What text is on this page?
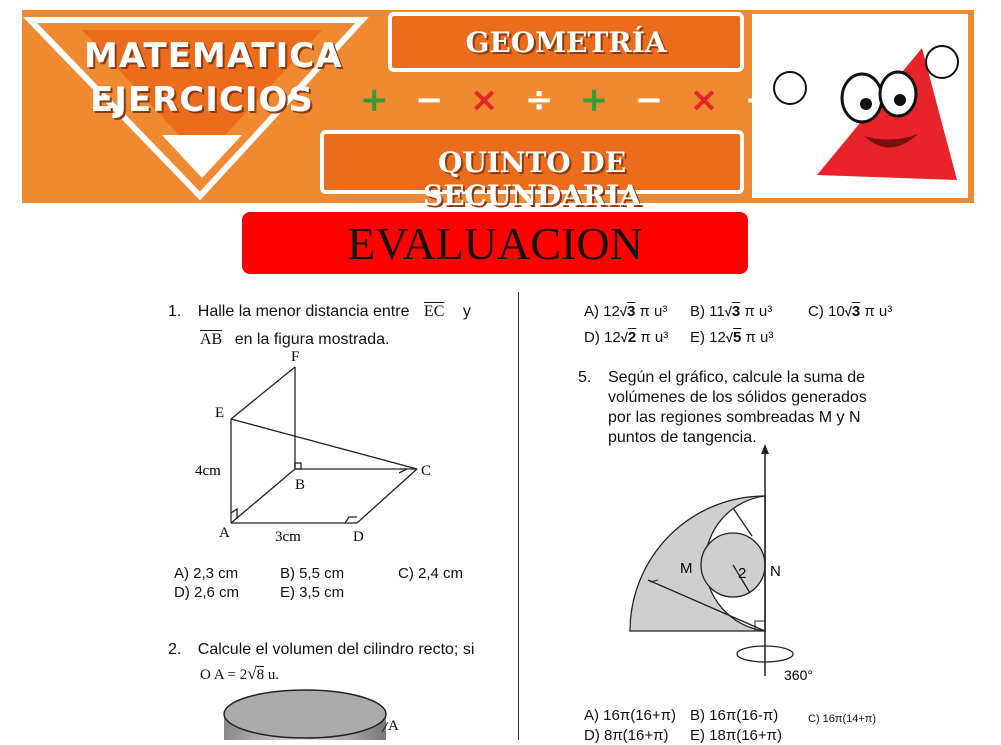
MATEMATICA
EJERCICIOS
GEOMETRÍA
+ − × ÷ + − × ÷
QUINTO DE SECUNDARIA
EVALUACION
1. Halle la menor distancia entre $\overline{EC}$ y
$\overline{AB}$ en la figura mostrada.
F
E
B
C
A	D
4cm
3cm
A) 2,3 cm	B) 5,5 cm	C) 2,4 cm
D) 2,6 cm	E) 3,5 cm
2. Calcule el volumen del cilindro recto; si
O A = 2√8 u.
A
A) 12√3 π u³ B) 11√3 π u³ C) 10√3 π u³
D) 12√2 π u³ E) 12√5 π u³
5. Según el gráfico, calcule la suma de
volúmenes de los sólidos generados
por las regiones sombreadas M y N
puntos de tangencia.
M	N
2
360°
A) 16π(16+π) B) 16π(16-π)	C) 16π(14+π)
D) 8π(16+π) E) 18π(16+π)
